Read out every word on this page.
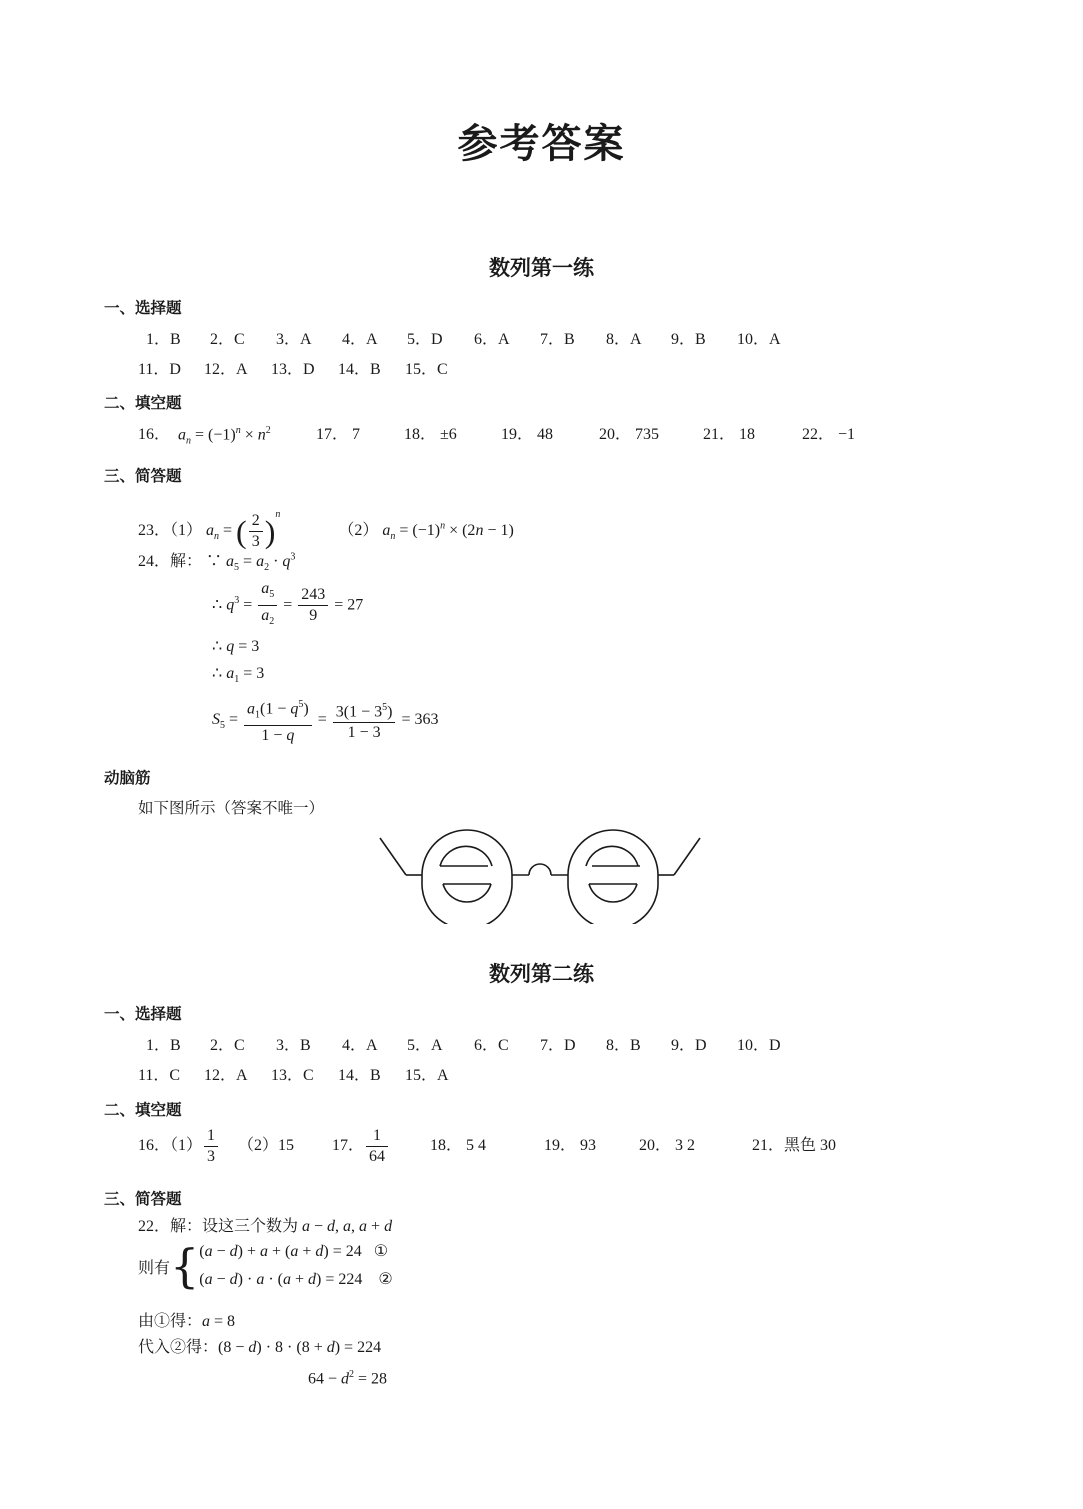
参考答案
数列第一练
一、选择题
1．B 2．C 3．A 4．A 5．D 6．A 7．B 8．A 9．B 10．A
11．D 12．A 13．D 14．B 15．C
二、填空题
16． $a_n = (-1)^n \times n^2$	17． 7	18． ±6	19． 48	20． 735	21． 18	22． −1
三、简答题
23．（1） $a_n$ = ( $\frac{2}{3} )^n$  （2） $a_n = (-1)^n \times (2n - 1)$
24．解： ∵ $a_5 = a_2 \cdot q^3$
∴ $q^3 = \frac{a_5}{a_2} = \frac{243}{9} = 27$
∴ q = 3
∴ $a_1 = 3$
$S_5 = \frac{a_1(1 - q^5)}{1 - q} = \frac{3(1 - 3^5)}{1 - 3} = 363$
动脑筋
如下图所示（答案不唯一）
数列第二练
一、选择题
1．B 2．C 3．B 4．A 5．A 6．C 7．D 8．B 9．D 10．D
11．C 12．A 13．C 14．B 15．A
二、填空题
16．$(1) \frac{1}{3} (2)15$ 17． $\frac{1}{64}$	18． 5 4	19． 93	20． 3 2	21．黑色 30
三、简答题
22．解：设这三个数为 a − d, a, a + d
则有{ (a − d) + a + (a + d) = 24   ①
(a − d) · a · (a + d) = 224    ②
由①得：a = 8
代入②得：(8 − d) · 8 · (8 + d) = 224
$64 - d^2 = 28$
